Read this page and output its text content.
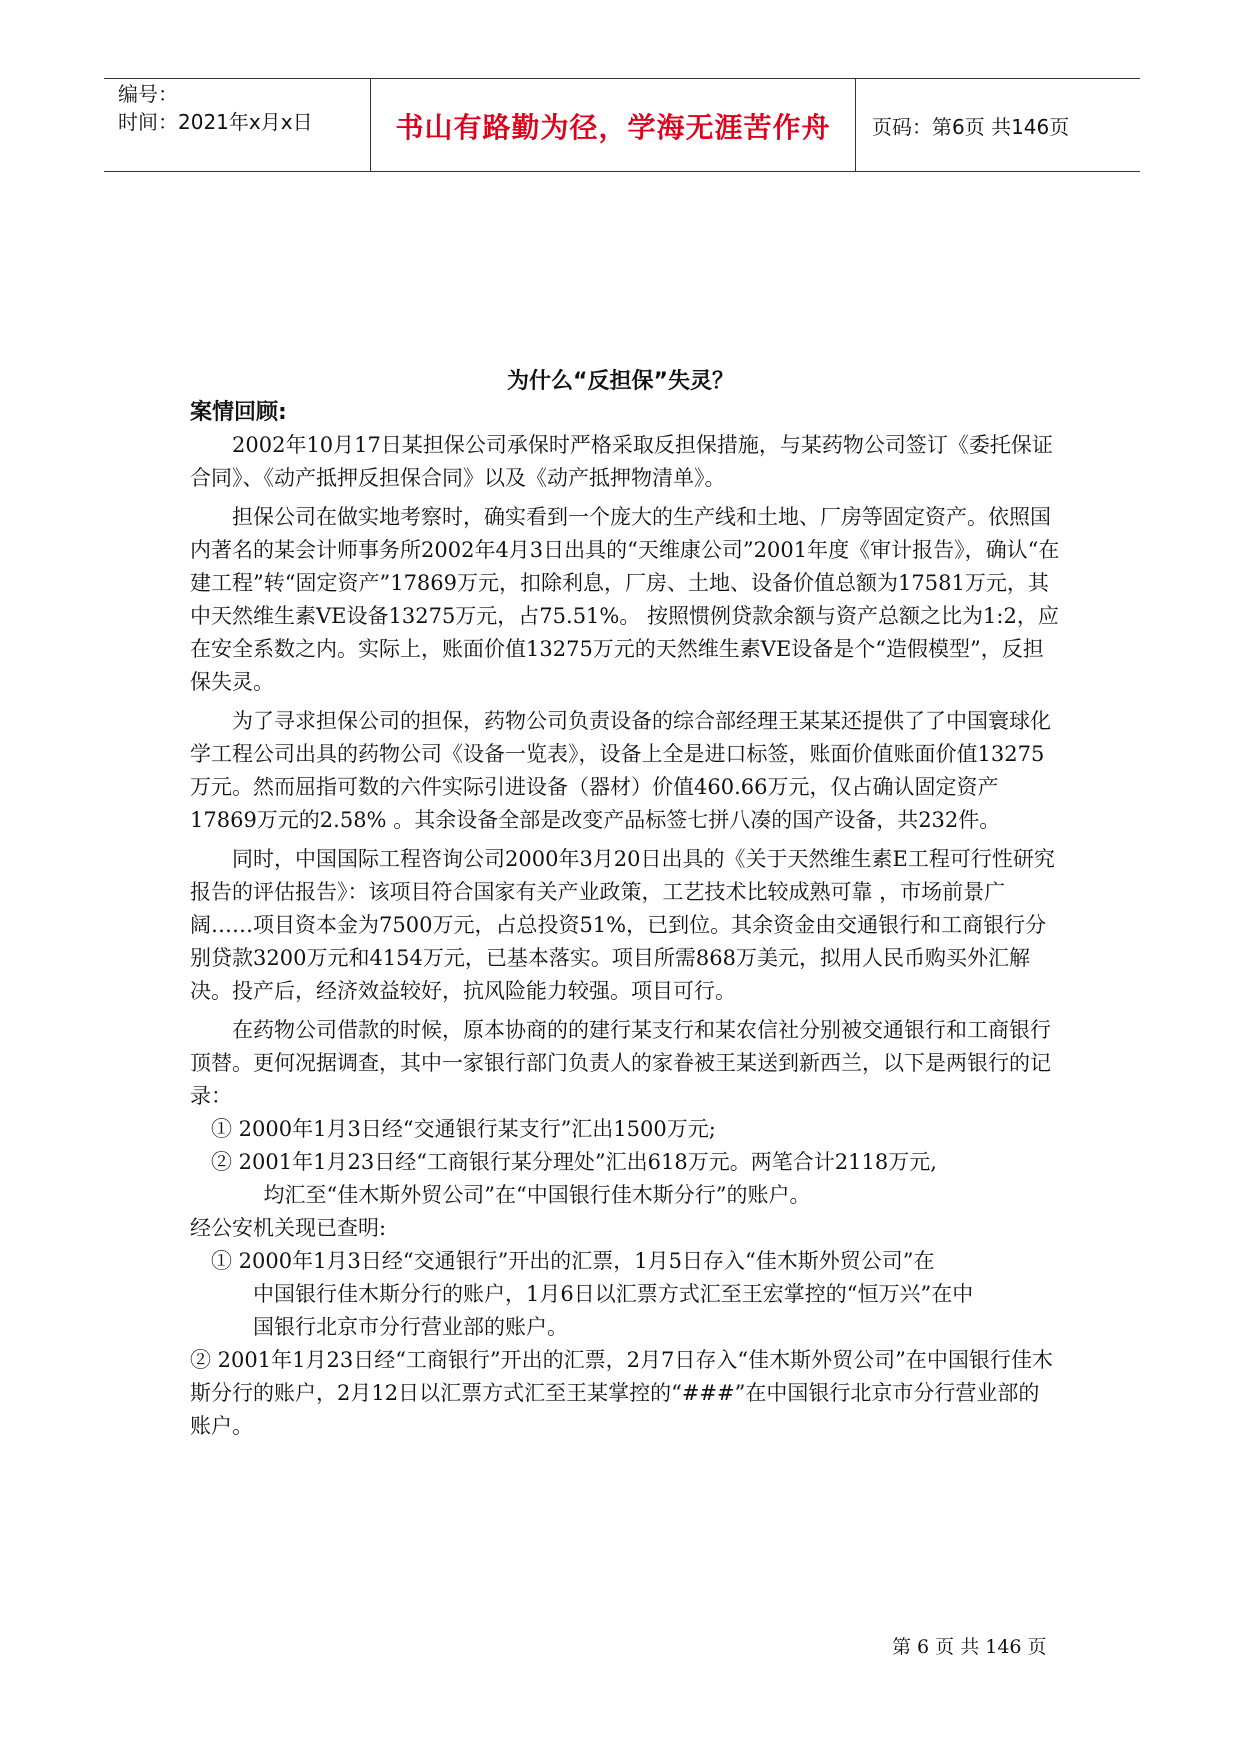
编号：
时间：2021年x月x日	书山有路勤为径，学海无涯苦作舟	页码：第6页 共146页
为什么“反担保”失灵？

案情回顾:

2002年10月17日某担保公司承保时严格采取反担保措施，与某药物公司签订《委托保证合同》、《动产抵押反担保合同》以及《动产抵押物清单》。

担保公司在做实地考察时，确实看到一个庞大的生产线和土地、厂房等固定资产。依照国内著名的某会计师事务所2002年4月3日出具的“天维康公司”2001年度《审计报告》，确认“在建工程”转“固定资产”17869万元，扣除利息，厂房、土地、设备价值总额为17581万元，其中天然维生素VE设备13275万元，占75.51%。 按照惯例贷款余额与资产总额之比为1:2，应在安全系数之内。实际上，账面价值13275万元的天然维生素VE设备是个“造假模型”，反担保失灵。

为了寻求担保公司的担保，药物公司负责设备的综合部经理王某某还提供了了中国寰球化学工程公司出具的药物公司《设备一览表》，设备上全是进口标签，账面价值账面价值13275万元。然而屈指可数的六件实际引进设备（器材）价值460.66万元，仅占确认固定资产17869万元的2.58% 。其余设备全部是改变产品标签七拼八凑的国产设备，共232件。

同时，中国国际工程咨询公司2000年3月20日出具的《关于天然维生素E工程可行性研究报告的评估报告》：该项目符合国家有关产业政策，工艺技术比较成熟可靠 ，市场前景广阔……项目资本金为7500万元，占总投资51%，已到位。其余资金由交通银行和工商银行分别贷款3200万元和4154万元，已基本落实。项目所需868万美元，拟用人民币购买外汇解决。投产后，经济效益较好，抗风险能力较强。项目可行。

在药物公司借款的时候，原本协商的的建行某支行和某农信社分别被交通银行和工商银行顶替。更何况据调查，其中一家银行部门负责人的家眷被王某送到新西兰，以下是两银行的记录：

① 2000年1月3日经“交通银行某支行”汇出1500万元;

② 2001年1月23日经“工商银行某分理处”汇出618万元。两笔合计2118万元,

均汇至“佳木斯外贸公司”在“中国银行佳木斯分行”的账户。

经公安机关现已查明:

① 2000年1月3日经“交通银行”开出的汇票，1月5日存入“佳木斯外贸公司”在

中国银行佳木斯分行的账户，1月6日以汇票方式汇至王宏掌控的“恒万兴”在中

国银行北京市分行营业部的账户。

② 2001年1月23日经“工商银行”开出的汇票，2月7日存入“佳木斯外贸公司”在中国银行佳木斯分行的账户，2月12日以汇票方式汇至王某掌控的“###”在中国银行北京市分行营业部的账户。

第 6 页 共 146 页
